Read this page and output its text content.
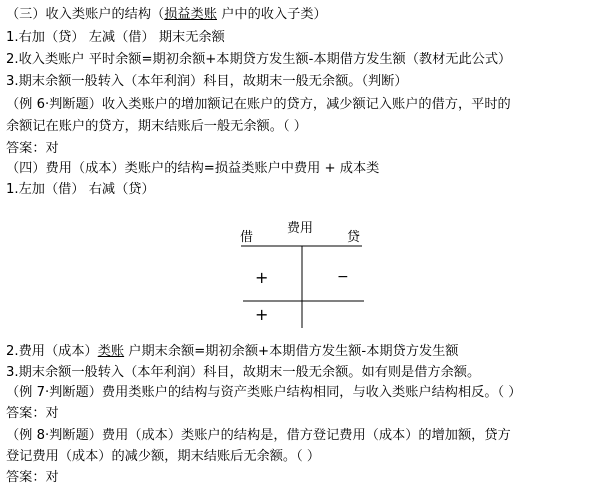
（三）收入类账户的结构（损益类账 户中的收入子类）
1.右加（贷） 左减（借） 期末无余额
2.收入类账户 平时余额=期初余额+本期贷方发生额-本期借方发生额（教材无此公式）
3.期末余额一般转入（本年利润）科目，故期末一般无余额。（判断）
（例 6·判断题）收入类账户的增加额记在账户的贷方，减少额记入账户的借方，平时的
余额记在账户的贷方，期末结账后一般无余额。（ ）
答案：对
（四）费用（成本）类账户的结构=损益类账户中费用 + 成本类
1.左加（借） 右减（贷）
费用
借	贷
+	−
+
2.费用（成本）类账 户期末余额=期初余额+本期借方发生额-本期贷方发生额
3.期末余额一般转入（本年利润）科目，故期末一般无余额。如有则是借方余额。
（例 7·判断题）费用类账户的结构与资产类账户结构相同，与收入类账户结构相反。（ ）
答案：对
（例 8·判断题）费用（成本）类账户的结构是，借方登记费用（成本）的增加额，贷方
登记费用（成本）的减少额，期末结账后无余额。（ ）
答案：对
